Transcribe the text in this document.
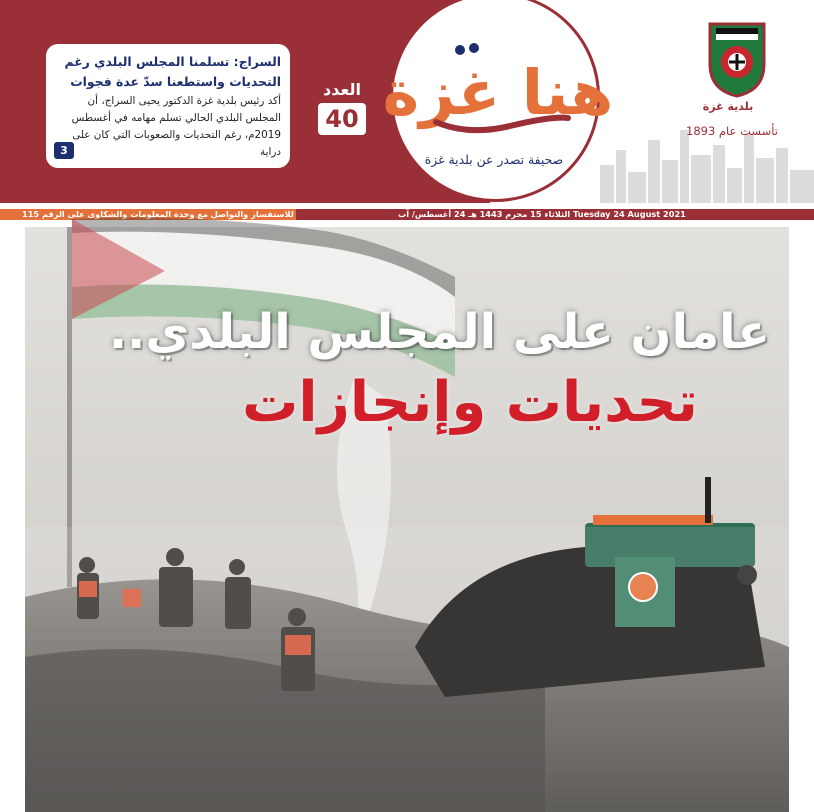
السراج: تسلمنا المجلس البلدي رغم التحديات واستطعنا سدّ عدة فجوات
أكد رئيس بلدية غزة الدكتور يحيى السراج، أن المجلس البلدي الحالي تسلم مهامه في أغسطس 2019م، رغم التحديات والصعوبات التي كان على دراية
3
العدد
40 هنا غزة
صحيفة تصدر عن بلدية غزة
بلدية غزة
تأسست عام 1893
للاستفسار والتواصل مع وحدة المعلومات والشكاوى على الرقم 115	الثلاثاء 15 محرم 1443 هـ 24 أغسطس/ آب Tuesday 24 August 2021
عامان على المجلس البلدي..
تحديات وإنجازات
